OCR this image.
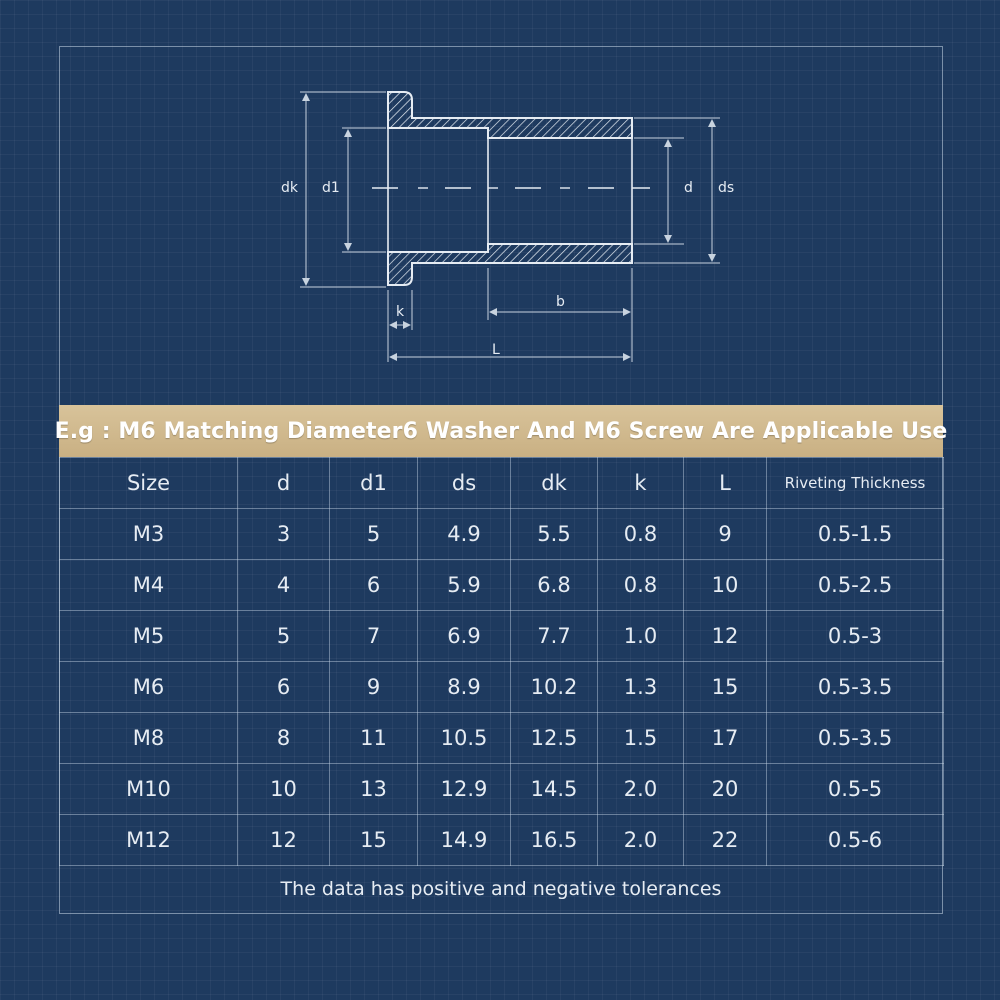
dk d1	d ds
k
b
L
E.g : M6 Matching Diameter6 Washer And M6 Screw Are Applicable Use
Size	d	d1	ds	dk	k	L	Riveting Thickness
M3	3	5	4.9	5.5	0.8	9	0.5-1.5
M4	4	6	5.9	6.8	0.8	10	0.5-2.5
M5	5	7	6.9	7.7	1.0	12	0.5-3
M6	6	9	8.9	10.2	1.3	15	0.5-3.5
M8	8	11	10.5	12.5	1.5	17	0.5-3.5
M10	10	13	12.9	14.5	2.0	20	0.5-5
M12	12	15	14.9	16.5	2.0	22	0.5-6
The data has positive and negative tolerances
